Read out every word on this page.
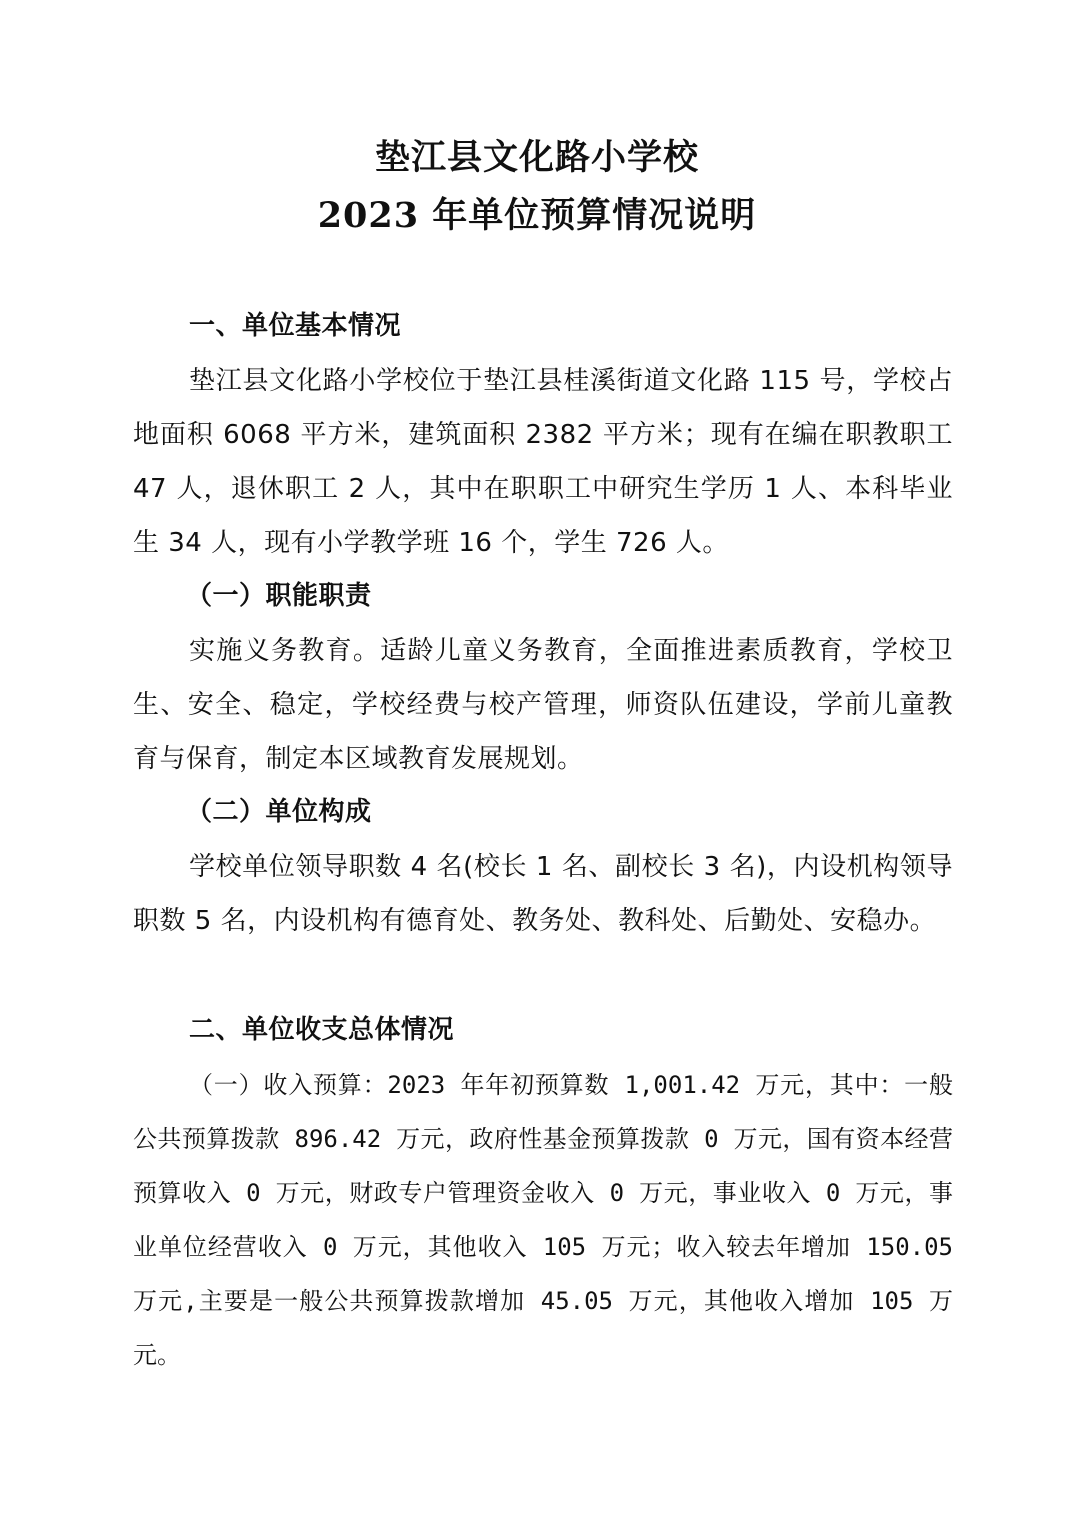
垫江县文化路小学校
2023 年单位预算情况说明
一、单位基本情况
垫江县文化路小学校位于垫江县桂溪街道文化路 115 号，学校占地面积 6068 平方米，建筑面积 2382 平方米；现有在编在职教职工 47 人，退休职工 2 人，其中在职职工中研究生学历 1 人、本科毕业生 34 人，现有小学教学班 16 个，学生 726 人。
（一）职能职责
实施义务教育。适龄儿童义务教育，全面推进素质教育，学校卫生、安全、稳定，学校经费与校产管理，师资队伍建设，学前儿童教育与保育，制定本区域教育发展规划。
（二）单位构成
学校单位领导职数 4 名(校长 1 名、副校长 3 名)，内设机构领导职数 5 名，内设机构有德育处、教务处、教科处、后勤处、安稳办。
二、单位收支总体情况
（一）收入预算：2023 年年初预算数 1,001.42 万元，其中：一般公共预算拨款 896.42 万元，政府性基金预算拨款 0 万元，国有资本经营预算收入 0 万元，财政专户管理资金收入 0 万元，事业收入 0 万元，事业单位经营收入 0 万元，其他收入 105 万元；收入较去年增加 150.05 万元,主要是一般公共预算拨款增加 45.05 万元，其他收入增加 105 万元。
